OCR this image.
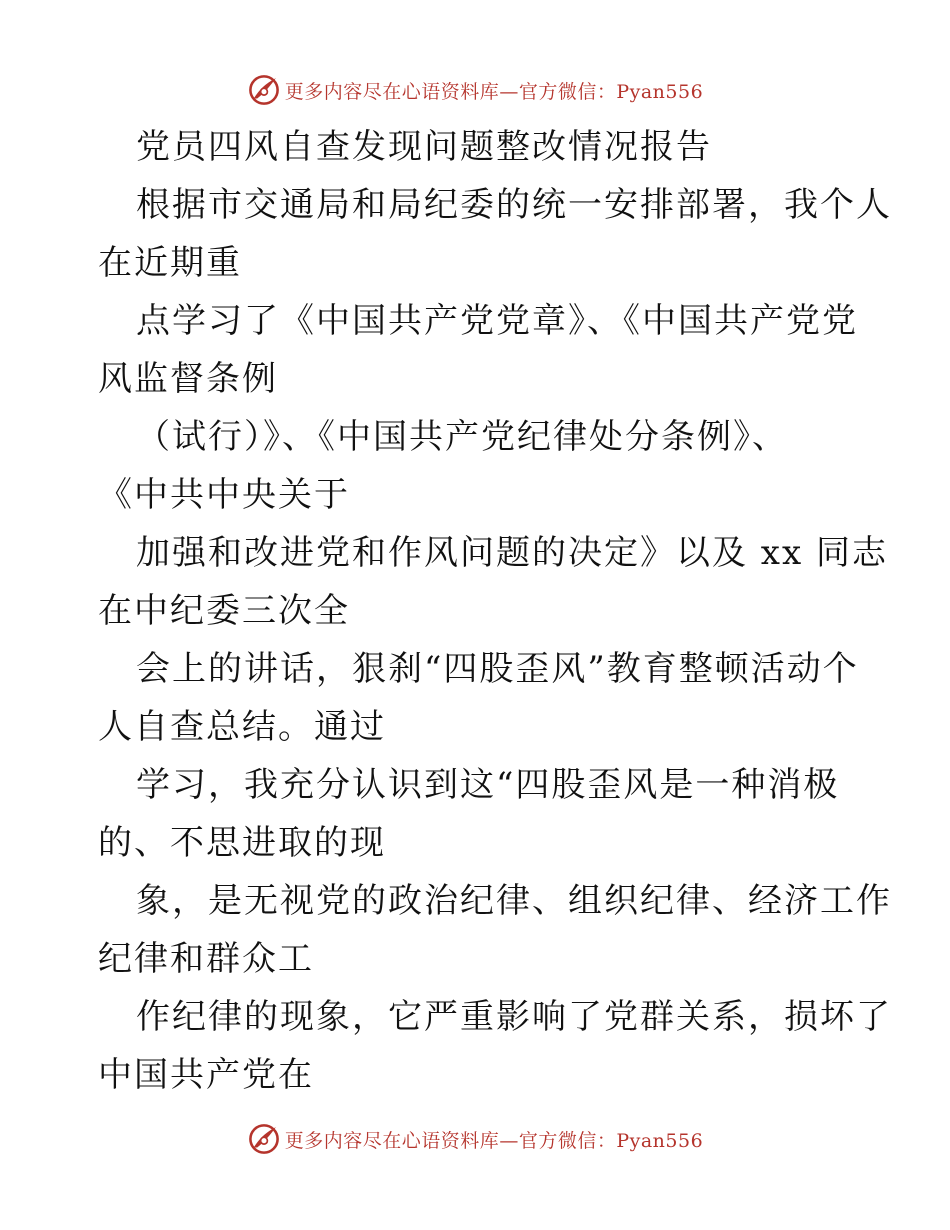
更多内容尽在心语资料库—官方微信：Pyan556
党员四风自查发现问题整改情况报告
根据市交通局和局纪委的统一安排部署，我个人
在近期重
点学习了《中国共产党党章》、《中国共产党党
风监督条例
（试行）》、《中国共产党纪律处分条例》、
《中共中央关于
加强和改进党和作风问题的决定》以及 xx 同志
在中纪委三次全
会上的讲话，狠刹“四股歪风”教育整顿活动个
人自查总结。通过
学习，我充分认识到这“四股歪风是一种消极
的、不思进取的现
象，是无视党的政治纪律、组织纪律、经济工作
纪律和群众工
作纪律的现象，它严重影响了党群关系，损坏了
中国共产党在
更多内容尽在心语资料库—官方微信：Pyan556
